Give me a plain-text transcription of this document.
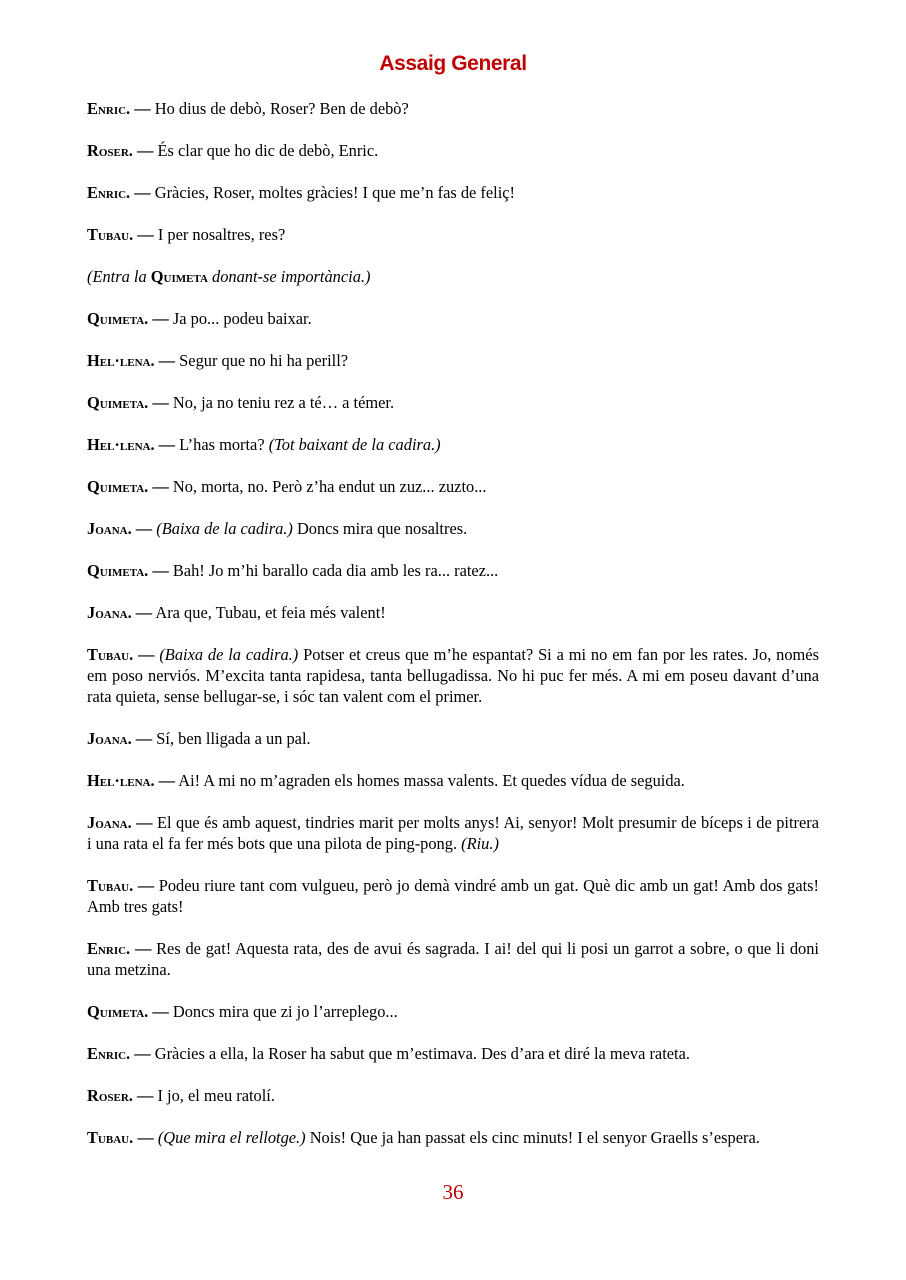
Assaig General

Enric. — Ho dius de debò, Roser? Ben de debò?

Roser. — És clar que ho dic de debò, Enric.

Enric. — Gràcies, Roser, moltes gràcies! I que me’n fas de feliç!

Tubau. — I per nosaltres, res?

(Entra la Quimeta donant-se importància.)

Quimeta. — Ja po... podeu baixar.

Hel·lena. — Segur que no hi ha perill?

Quimeta. — No, ja no teniu rez a té… a témer.

Hel·lena. — L’has morta? (Tot baixant de la cadira.)

Quimeta. — No, morta, no. Però z’ha endut un zuz... zuzto...

Joana. — (Baixa de la cadira.) Doncs mira que nosaltres.

Quimeta. — Bah! Jo m’hi barallo cada dia amb les ra... ratez...

Joana. — Ara que, Tubau, et feia més valent!

Tubau. — (Baixa de la cadira.) Potser et creus que m’he espantat? Si a mi no em fan por les rates. Jo, només em poso nerviós. M’excita tanta rapidesa, tanta bellugadissa. No hi puc fer més. A mi em poseu davant d’una rata quieta, sense bellugar-se, i sóc tan valent com el primer.

Joana. — Sí, ben lligada a un pal.

Hel·lena. — Ai! A mi no m’agraden els homes massa valents. Et quedes vídua de seguida.

Joana. — El que és amb aquest, tindries marit per molts anys! Ai, senyor! Molt presumir de bíceps i de pitrera i una rata el fa fer més bots que una pilota de ping-pong. (Riu.)

Tubau. — Podeu riure tant com vulgueu, però jo demà vindré amb un gat. Què dic amb un gat! Amb dos gats! Amb tres gats!

Enric. — Res de gat! Aquesta rata, des de avui és sagrada. I ai! del qui li posi un garrot a sobre, o que li doni una metzina.

Quimeta. — Doncs mira que zi jo l’arreplego...

Enric. — Gràcies a ella, la Roser ha sabut que m’estimava. Des d’ara et diré la meva rateta.

Roser. — I jo, el meu ratolí.

Tubau. — (Que mira el rellotge.) Nois! Que ja han passat els cinc minuts! I el senyor Graells s’espera.

36
